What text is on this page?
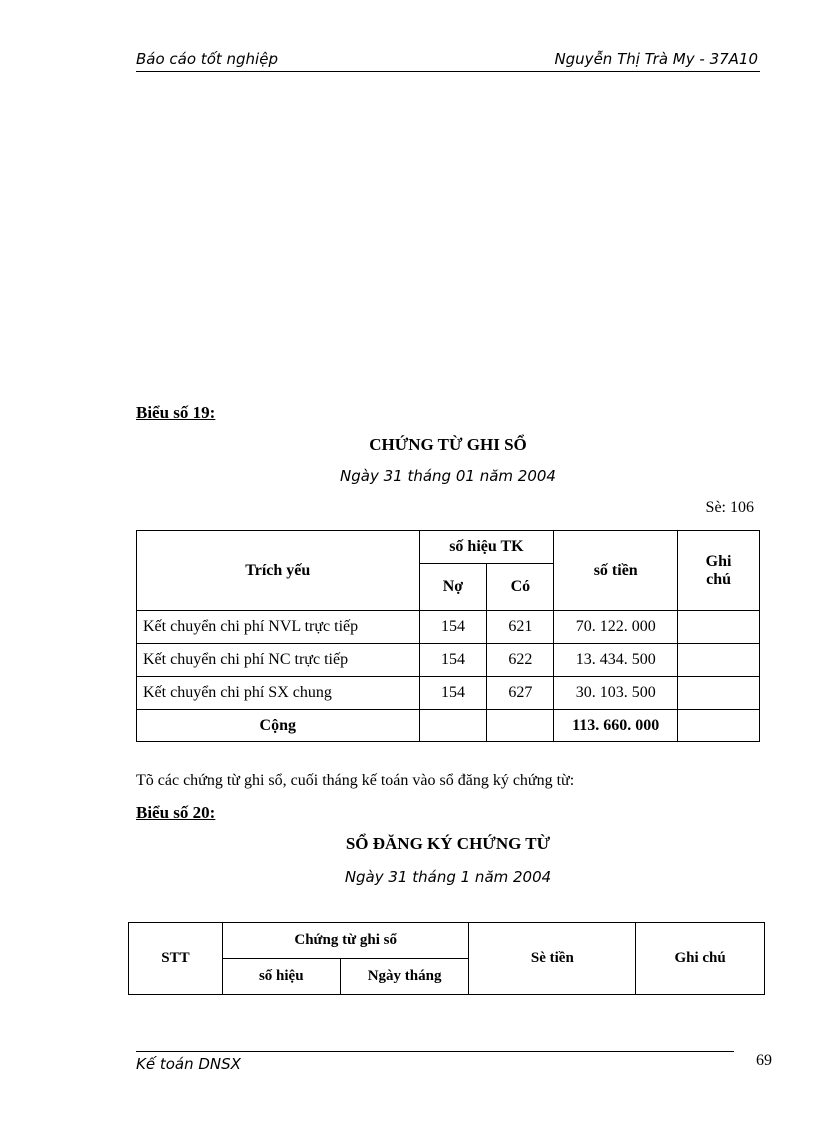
Báo cáo tốt nghiệp	Nguyễn Thị Trà My - 37A10
Biểu số 19:
CHỨNG TỪ GHI SỔ
Ngày 31 tháng 01 năm 2004
Sè: 106
Trích yếu	số hiệu TK		số tiền	Ghi
chú
	Nợ	Có		
Kết chuyển chi phí NVL trực tiếp	154	621	70. 122. 000	
Kết chuyển chi phí NC trực tiếp	154	622	13. 434. 500	
Kết chuyển chi phí SX chung	154	627	30. 103. 500	
Cộng			113. 660. 000	
Tõ các chứng từ ghi sổ, cuối tháng kế toán vào sổ đăng ký chứng từ:
Biểu số 20:
SỔ ĐĂNG KÝ CHỨNG TỪ
Ngày 31 tháng 1 năm 2004
STT	Chứng từ ghi sổ		Sè tiền	Ghi chú
	số hiệu	Ngày tháng		
Kế toán DNSX	69
